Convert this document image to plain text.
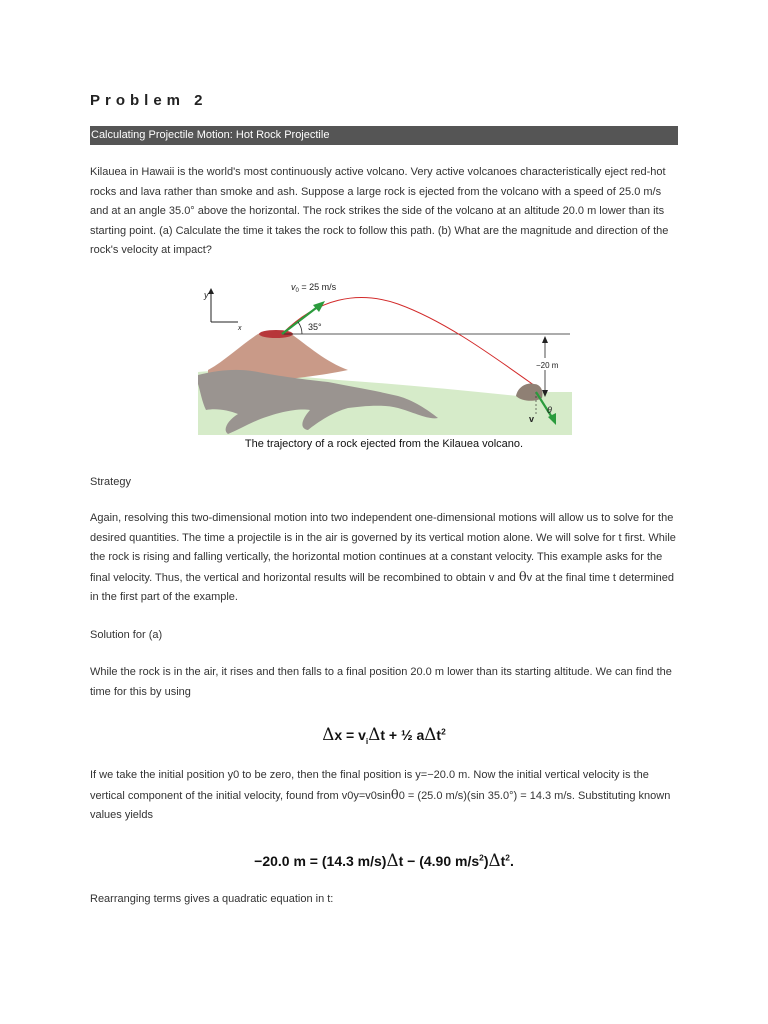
Problem 2
Calculating Projectile Motion: Hot Rock Projectile
Kilauea in Hawaii is the world's most continuously active volcano. Very active volcanoes characteristically eject red-hot rocks and lava rather than smoke and ash. Suppose a large rock is ejected from the volcano with a speed of 25.0 m/s and at an angle 35.0° above the horizontal. The rock strikes the side of the volcano at an altitude 20.0 m lower than its starting point. (a) Calculate the time it takes the rock to follow this path. (b) What are the magnitude and direction of the rock's velocity at impact?
y
x
$v_0 = 25$ m/s
35°
−20 m
θ
v
The trajectory of a rock ejected from the Kilauea volcano.
Strategy
Again, resolving this two-dimensional motion into two independent one-dimensional motions will allow us to solve for the desired quantities. The time a projectile is in the air is governed by its vertical motion alone. We will solve for t first. While the rock is rising and falling vertically, the horizontal motion continues at a constant velocity. This example asks for the final velocity. Thus, the vertical and horizontal results will be recombined to obtain v and θv at the final time t determined in the first part of the example.
Solution for (a)
While the rock is in the air, it rises and then falls to a final position 20.0 m lower than its starting altitude. We can find the time for this by using
$\Delta x = v_i\Delta t$ + ½ aΔt$^2$
If we take the initial position y0 to be zero, then the final position is y=−20.0 m. Now the initial vertical velocity is the vertical component of the initial velocity, found from v0y=v0sinθ0 = (25.0 m/s)(sin 35.0°) = 14.3 m/s. Substituting known values yields
−20.0 m = (14.3 m/s)Δt − (4.90 $m/s^2)\Delta t^2$.
Rearranging terms gives a quadratic equation in t:
